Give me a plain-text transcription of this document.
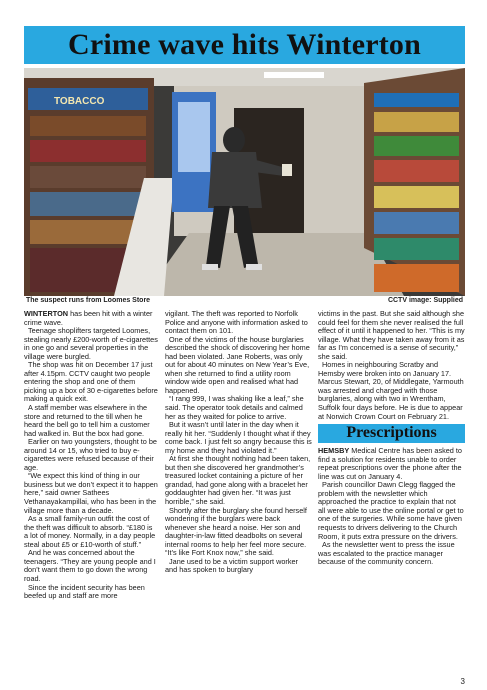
Crime wave hits Winterton
TOBACCO
The suspect runs from Loomes Store	CCTV image: Supplied

WINTERTON has been hit with a winter crime wave.

Teenage shoplifters targeted Loomes, stealing nearly £200-worth of e-cigarettes in one go and several properties in the village were burgled.

The shop was hit on December 17 just after 4.15pm. CCTV caught two people entering the shop and one of them picking up a box of 30 e-cigarettes before making a quick exit.

A staff member was elsewhere in the store and returned to the till when he heard the bell go to tell him a customer had walked in. But the box had gone.

Earlier on two youngsters, thought to be around 14 or 15, who tried to buy e-cigarettes were refused because of their age.

“We expect this kind of thing in our business but we don’t expect it to happen here,” said owner Sathees Vethanayakampillai, who has been in the village more than a decade.

As a small family-run outfit the cost of the theft was difficult to absorb. “£180 is a lot of money. Normally, in a day people steal about £5 or £10-worth of stuff.”

And he was concerned about the teenagers. “They are young people and I don’t want them to go down the wrong road.

Since the incident security has been beefed up and staff are more

vigilant. The theft was reported to Norfolk Police and anyone with information asked to contact them on 101.

One of the victims of the house burglaries described the shock of discovering her home had been violated. Jane Roberts, was only out for about 40 minutes on New Year’s Eve, when she returned to find a utility room window wide open and realised what had happened.

“I rang 999, I was shaking like a leaf,” she said. The operator took details and calmed her as they waited for police to arrive.

But it wasn’t until later in the day when it really hit her. “Suddenly I thought what if they come back. I just felt so angry because this is my home and they had violated it.”

At first she thought nothing had been taken, but then she discovered her grandmother’s treasured locket containing a picture of her grandad, had gone along with a bracelet her goddaughter had given her. “It was just horrible,” she said.

Shortly after the burglary she found herself wondering if the burglars were back whenever she heard a noise. Her son and daughter-in-law fitted deadbolts on several internal rooms to help her feel more secure. “It’s like Fort Knox now,” she said.

Jane used to be a victim support worker and has spoken to burglary

victims in the past. But she said although she could feel for them she never realised the full effect of it until it happened to her. “This is my village. What they have taken away from it as far as I’m concerned is a sense of security,” she said.

Homes in neighbouring Scratby and Hemsby were broken into on January 17. Marcus Stewart, 20, of Middlegate, Yarmouth was arrested and charged with those burglaries, along with two in Wrentham, Suffolk four days before. He is due to appear at Norwich Crown Court on February 21.

Prescriptions

HEMSBY Medical Centre has been asked to find a solution for residents unable to order repeat prescriptions over the phone after the line was cut on January 4.

Parish councillor Dawn Clegg flagged the problem with the newsletter which approached the practice to explain that not all were able to use the online portal or get to one of the surgeries. While some have given requests to drivers delivering to the Church Room, it puts extra pressure on the drivers.

As the newsletter went to press the issue was escalated to the practice manager because of the community concern.

3
